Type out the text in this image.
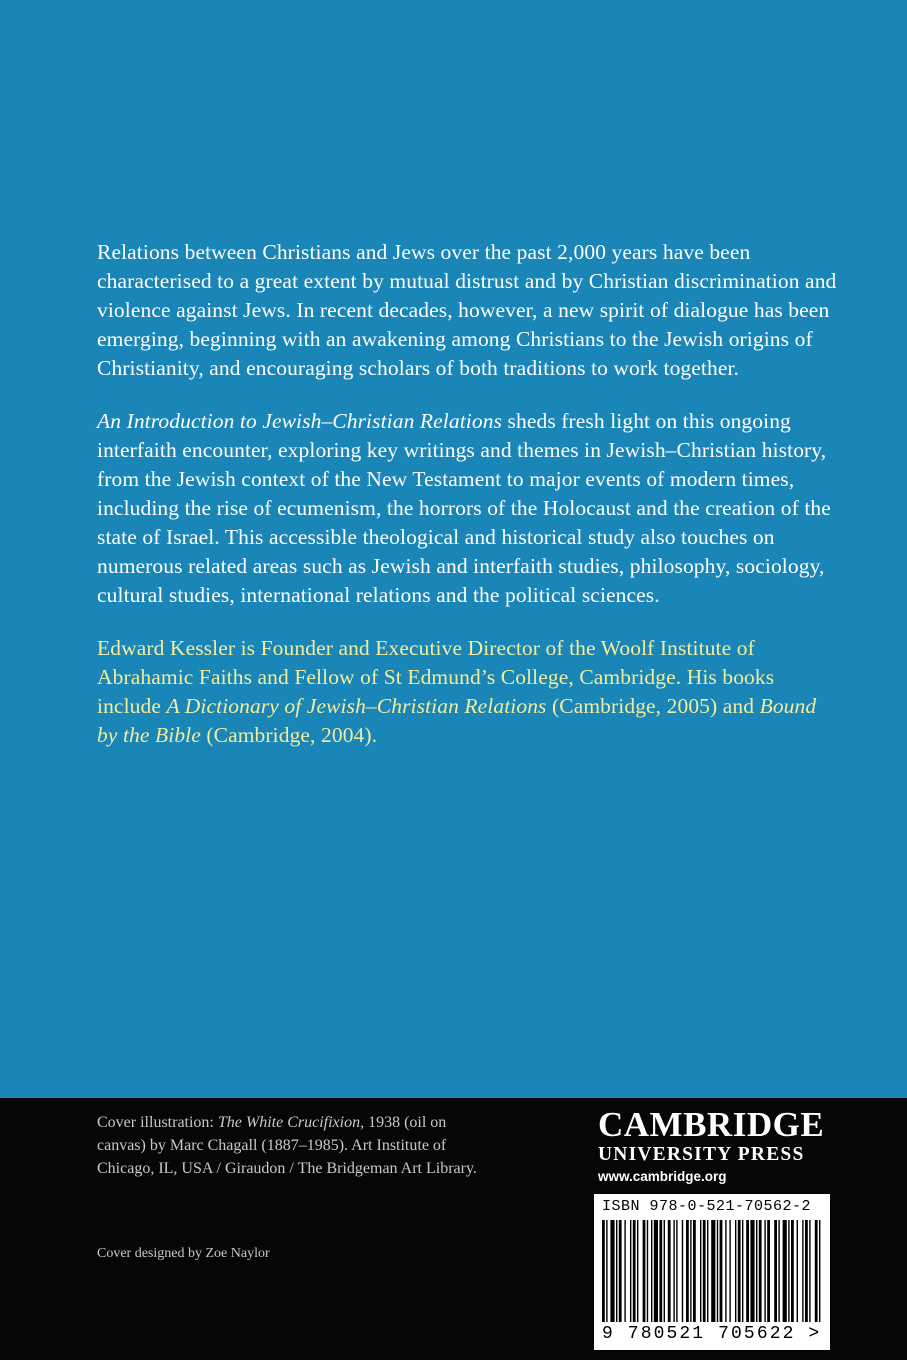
Relations between Christians and Jews over the past 2,000 years have been characterised to a great extent by mutual distrust and by Christian discrimination and violence against Jews. In recent decades, however, a new spirit of dialogue has been emerging, beginning with an awakening among Christians to the Jewish origins of Christianity, and encouraging scholars of both traditions to work together.

An Introduction to Jewish–Christian Relations sheds fresh light on this ongoing interfaith encounter, exploring key writings and themes in Jewish–Christian history, from the Jewish context of the New Testament to major events of modern times, including the rise of ecumenism, the horrors of the Holocaust and the creation of the state of Israel. This accessible theological and historical study also touches on numerous related areas such as Jewish and interfaith studies, philosophy, sociology, cultural studies, international relations and the political sciences.

Edward Kessler is Founder and Executive Director of the Woolf Institute of Abrahamic Faiths and Fellow of St Edmund’s College, Cambridge. His books include A Dictionary of Jewish–Christian Relations (Cambridge, 2005) and Bound by the Bible (Cambridge, 2004).

Cover illustration: The White Crucifixion, 1938 (oil on canvas) by Marc Chagall (1887–1985). Art Institute of Chicago, IL, USA / Giraudon / The Bridgeman Art Library.
Cover designed by Zoe Naylor
CAMBRIDGE
UNIVERSITY PRESS
www.cambridge.org
ISBN 978-0-521-70562-2
9 780521 705622 >
